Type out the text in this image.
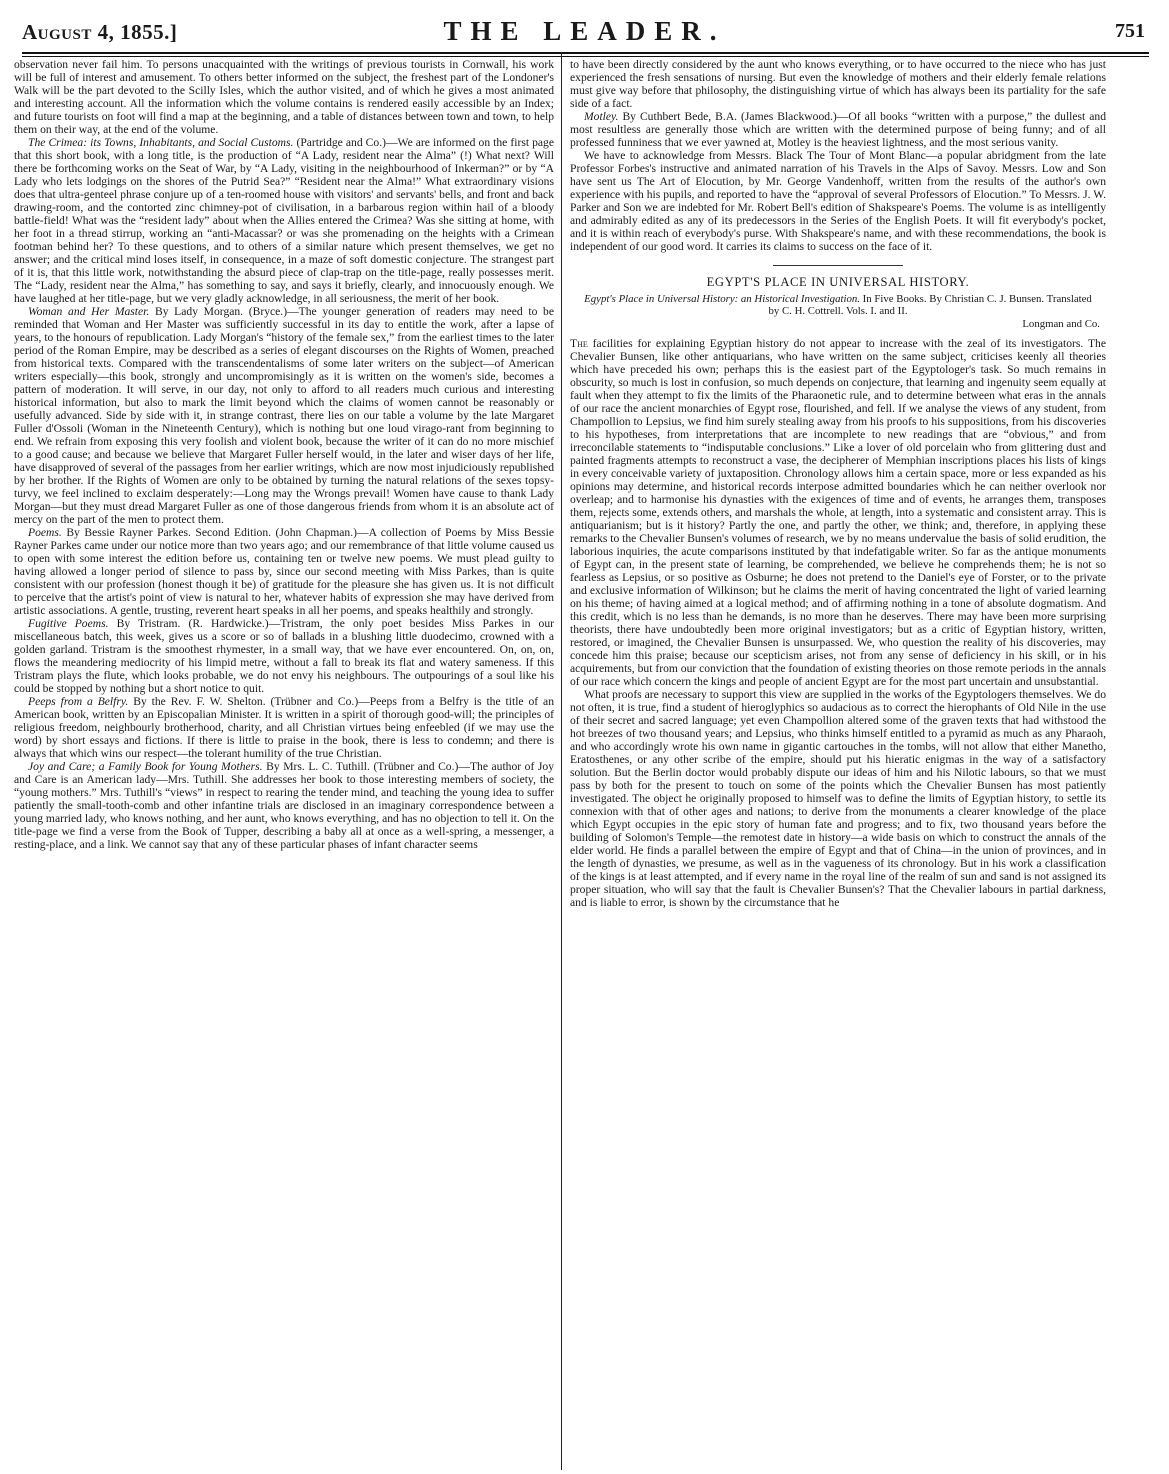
August 4, 1855.]	THE LEADER.	751

observation never fail him. To persons unacquainted with the writings of previous tourists in Cornwall, his work will be full of interest and amusement. To others better informed on the subject, the freshest part of the Londoner's Walk will be the part devoted to the Scilly Isles, which the author visited, and of which he gives a most animated and interesting account. All the information which the volume contains is rendered easily accessible by an Index; and future tourists on foot will find a map at the beginning, and a table of distances between town and town, to help them on their way, at the end of the volume.

The Crimea: its Towns, Inhabitants, and Social Customs. (Partridge and Co.)—We are informed on the first page that this short book, with a long title, is the production of “A Lady, resident near the Alma” (!) What next? Will there be forthcoming works on the Seat of War, by “A Lady, visiting in the neighbourhood of Inkerman?” or by “A Lady who lets lodgings on the shores of the Putrid Sea?” “Resident near the Alma!” What extraordinary visions does that ultra-genteel phrase conjure up of a ten-roomed house with visitors' and servants' bells, and front and back drawing-room, and the contorted zinc chimney-pot of civilisation, in a barbarous region within hail of a bloody battle-field! What was the “resident lady” about when the Allies entered the Crimea? Was she sitting at home, with her foot in a thread stirrup, working an “anti-Macassar? or was she promenading on the heights with a Crimean footman behind her? To these questions, and to others of a similar nature which present themselves, we get no answer; and the critical mind loses itself, in consequence, in a maze of soft domestic conjecture. The strangest part of it is, that this little work, notwithstanding the absurd piece of clap-trap on the title-page, really possesses merit. The “Lady, resident near the Alma,” has something to say, and says it briefly, clearly, and innocuously enough. We have laughed at her title-page, but we very gladly acknowledge, in all seriousness, the merit of her book.

Woman and Her Master. By Lady Morgan. (Bryce.)—The younger generation of readers may need to be reminded that Woman and Her Master was sufficiently successful in its day to entitle the work, after a lapse of years, to the honours of republication. Lady Morgan's “history of the female sex,” from the earliest times to the later period of the Roman Empire, may be described as a series of elegant discourses on the Rights of Women, preached from historical texts. Compared with the transcendentalisms of some later writers on the subject—of American writers especially—this book, strongly and uncompromisingly as it is written on the women's side, becomes a pattern of moderation. It will serve, in our day, not only to afford to all readers much curious and interesting historical information, but also to mark the limit beyond which the claims of women cannot be reasonably or usefully advanced. Side by side with it, in strange contrast, there lies on our table a volume by the late Margaret Fuller d'Ossoli (Woman in the Nineteenth Century), which is nothing but one loud virago-rant from beginning to end. We refrain from exposing this very foolish and violent book, because the writer of it can do no more mischief to a good cause; and because we believe that Margaret Fuller herself would, in the later and wiser days of her life, have disapproved of several of the passages from her earlier writings, which are now most injudiciously republished by her brother. If the Rights of Women are only to be obtained by turning the natural relations of the sexes topsy-turvy, we feel inclined to exclaim desperately:—Long may the Wrongs prevail! Women have cause to thank Lady Morgan—but they must dread Margaret Fuller as one of those dangerous friends from whom it is an absolute act of mercy on the part of the men to protect them.

Poems. By Bessie Rayner Parkes. Second Edition. (John Chapman.)—A collection of Poems by Miss Bessie Rayner Parkes came under our notice more than two years ago; and our remembrance of that little volume caused us to open with some interest the edition before us, containing ten or twelve new poems. We must plead guilty to having allowed a longer period of silence to pass by, since our second meeting with Miss Parkes, than is quite consistent with our profession (honest though it be) of gratitude for the pleasure she has given us. It is not difficult to perceive that the artist's point of view is natural to her, whatever habits of expression she may have derived from artistic associations. A gentle, trusting, reverent heart speaks in all her poems, and speaks healthily and strongly.

Fugitive Poems. By Tristram. (R. Hardwicke.)—Tristram, the only poet besides Miss Parkes in our miscellaneous batch, this week, gives us a score or so of ballads in a blushing little duodecimo, crowned with a golden garland. Tristram is the smoothest rhymester, in a small way, that we have ever encountered. On, on, on, flows the meandering mediocrity of his limpid metre, without a fall to break its flat and watery sameness. If this Tristram plays the flute, which looks probable, we do not envy his neighbours. The outpourings of a soul like his could be stopped by nothing but a short notice to quit.

Peeps from a Belfry. By the Rev. F. W. Shelton. (Trübner and Co.)—Peeps from a Belfry is the title of an American book, written by an Episcopalian Minister. It is written in a spirit of thorough good-will; the principles of religious freedom, neighbourly brotherhood, charity, and all Christian virtues being enfeebled (if we may use the word) by short essays and fictions. If there is little to praise in the book, there is less to condemn; and there is always that which wins our respect—the tolerant humility of the true Christian.

Joy and Care; a Family Book for Young Mothers. By Mrs. L. C. Tuthill. (Trübner and Co.)—The author of Joy and Care is an American lady—Mrs. Tuthill. She addresses her book to those interesting members of society, the “young mothers.” Mrs. Tuthill's “views” in respect to rearing the tender mind, and teaching the young idea to suffer patiently the small-tooth-comb and other infantine trials are disclosed in an imaginary correspondence between a young married lady, who knows nothing, and her aunt, who knows everything, and has no objection to tell it. On the title-page we find a verse from the Book of Tupper, describing a baby all at once as a well-spring, a messenger, a resting-place, and a link. We cannot say that any of these particular phases of infant character seems

to have been directly considered by the aunt who knows everything, or to have occurred to the niece who has just experienced the fresh sensations of nursing. But even the knowledge of mothers and their elderly female relations must give way before that philosophy, the distinguishing virtue of which has always been its partiality for the safe side of a fact.

Motley. By Cuthbert Bede, B.A. (James Blackwood.)—Of all books “written with a purpose,” the dullest and most resultless are generally those which are written with the determined purpose of being funny; and of all professed funniness that we ever yawned at, Motley is the heaviest lightness, and the most serious vanity.

We have to acknowledge from Messrs. Black The Tour of Mont Blanc—a popular abridgment from the late Professor Forbes's instructive and animated narration of his Travels in the Alps of Savoy. Messrs. Low and Son have sent us The Art of Elocution, by Mr. George Vandenhoff, written from the results of the author's own experience with his pupils, and reported to have the “approval of several Professors of Elocution.” To Messrs. J. W. Parker and Son we are indebted for Mr. Robert Bell's edition of Shakspeare's Poems. The volume is as intelligently and admirably edited as any of its predecessors in the Series of the English Poets. It will fit everybody's pocket, and it is within reach of everybody's purse. With Shakspeare's name, and with these recommendations, the book is independent of our good word. It carries its claims to success on the face of it.

EGYPT'S PLACE IN UNIVERSAL HISTORY.
Egypt's Place in Universal History: an Historical Investigation. In Five Books. By Christian C. J. Bunsen. Translated by C. H. Cottrell. Vols. I. and II.
Longman and Co.

The facilities for explaining Egyptian history do not appear to increase with the zeal of its investigators. The Chevalier Bunsen, like other antiquarians, who have written on the same subject, criticises keenly all theories which have preceded his own; perhaps this is the easiest part of the Egyptologer's task. So much remains in obscurity, so much is lost in confusion, so much depends on conjecture, that learning and ingenuity seem equally at fault when they attempt to fix the limits of the Pharaonetic rule, and to determine between what eras in the annals of our race the ancient monarchies of Egypt rose, flourished, and fell. If we analyse the views of any student, from Champollion to Lepsius, we find him surely stealing away from his proofs to his suppositions, from his discoveries to his hypotheses, from interpretations that are incomplete to new readings that are “obvious,” and from irreconcilable statements to “indisputable conclusions.” Like a lover of old porcelain who from glittering dust and painted fragments attempts to reconstruct a vase, the decipherer of Memphian inscriptions places his lists of kings in every conceivable variety of juxtaposition. Chronology allows him a certain space, more or less expanded as his opinions may determine, and historical records interpose admitted boundaries which he can neither overlook nor overleap; and to harmonise his dynasties with the exigences of time and of events, he arranges them, transposes them, rejects some, extends others, and marshals the whole, at length, into a systematic and consistent array. This is antiquarianism; but is it history? Partly the one, and partly the other, we think; and, therefore, in applying these remarks to the Chevalier Bunsen's volumes of research, we by no means undervalue the basis of solid erudition, the laborious inquiries, the acute comparisons instituted by that indefatigable writer. So far as the antique monuments of Egypt can, in the present state of learning, be comprehended, we believe he comprehends them; he is not so fearless as Lepsius, or so positive as Osburne; he does not pretend to the Daniel's eye of Forster, or to the private and exclusive information of Wilkinson; but he claims the merit of having concentrated the light of varied learning on his theme; of having aimed at a logical method; and of affirming nothing in a tone of absolute dogmatism. And this credit, which is no less than he demands, is no more than he deserves. There may have been more surprising theorists, there have undoubtedly been more original investigators; but as a critic of Egyptian history, written, restored, or imagined, the Chevalier Bunsen is unsurpassed. We, who question the reality of his discoveries, may concede him this praise; because our scepticism arises, not from any sense of deficiency in his skill, or in his acquirements, but from our conviction that the foundation of existing theories on those remote periods in the annals of our race which concern the kings and people of ancient Egypt are for the most part uncertain and unsubstantial.

What proofs are necessary to support this view are supplied in the works of the Egyptologers themselves. We do not often, it is true, find a student of hieroglyphics so audacious as to correct the hierophants of Old Nile in the use of their secret and sacred language; yet even Champollion altered some of the graven texts that had withstood the hot breezes of two thousand years; and Lepsius, who thinks himself entitled to a pyramid as much as any Pharaoh, and who accordingly wrote his own name in gigantic cartouches in the tombs, will not allow that either Manetho, Eratosthenes, or any other scribe of the empire, should put his hieratic enigmas in the way of a satisfactory solution. But the Berlin doctor would probably dispute our ideas of him and his Nilotic labours, so that we must pass by both for the present to touch on some of the points which the Chevalier Bunsen has most patiently investigated. The object he originally proposed to himself was to define the limits of Egyptian history, to settle its connexion with that of other ages and nations; to derive from the monuments a clearer knowledge of the place which Egypt occupies in the epic story of human fate and progress; and to fix, two thousand years before the building of Solomon's Temple—the remotest date in history—a wide basis on which to construct the annals of the elder world. He finds a parallel between the empire of Egypt and that of China—in the union of provinces, and in the length of dynasties, we presume, as well as in the vagueness of its chronology. But in his work a classification of the kings is at least attempted, and if every name in the royal line of the realm of sun and sand is not assigned its proper situation, who will say that the fault is Chevalier Bunsen's? That the Chevalier labours in partial darkness, and is liable to error, is shown by the circumstance that he
